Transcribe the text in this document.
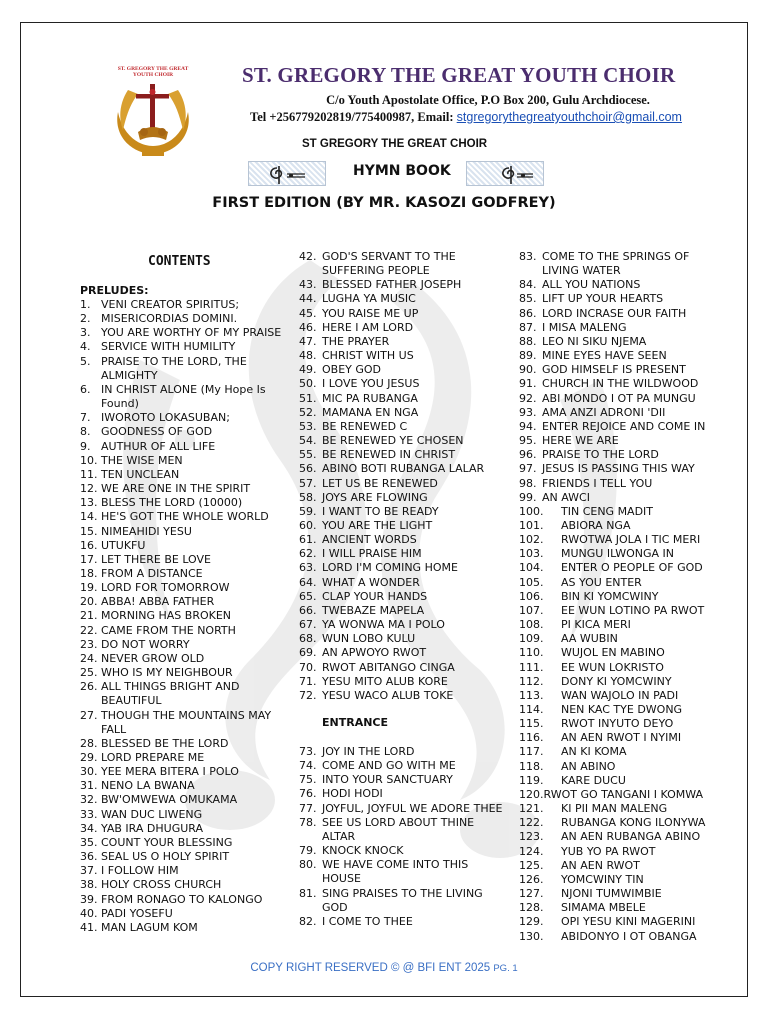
ST. GREGORY THE GREAT
YOUTH CHOIR	ST. GREGORY THE GREAT YOUTH CHOIR
C/o Youth Apostolate Office, P.O Box 200, Gulu Archdiocese.
Tel +256779202819/775400987, Email: stgregorythegreatyouthchoir@gmail.com
ST GREGORY THE GREAT CHOIR
HYMN BOOK
FIRST EDITION (BY MR. KASOZI GODFREY)
CONTENTS
PRELUDES:
1. VENI CREATOR SPIRITUS;
2. MISERICORDIAS DOMINI.
3. YOU ARE WORTHY OF MY PRAISE
4. SERVICE WITH HUMILITY
5. PRAISE TO THE LORD, THE ALMIGHTY
6. IN CHRIST ALONE (My Hope Is Found)
7. IWOROTO LOKASUBAN;
8. GOODNESS OF GOD
9. AUTHUR OF ALL LIFE
10. THE WISE MEN
11. TEN UNCLEAN
12. WE ARE ONE IN THE SPIRIT
13. BLESS THE LORD (10000)
14. HE'S GOT THE WHOLE WORLD
15. NIMEAHIDI YESU
16. UTUKFU
17. LET THERE BE LOVE
18. FROM A DISTANCE
19. LORD FOR TOMORROW
20. ABBA! ABBA FATHER
21. MORNING HAS BROKEN
22. CAME FROM THE NORTH
23. DO NOT WORRY
24. NEVER GROW OLD
25. WHO IS MY NEIGHBOUR
26. ALL THINGS BRIGHT AND BEAUTIFUL
27. THOUGH THE MOUNTAINS MAY FALL
28. BLESSED BE THE LORD
29. LORD PREPARE ME
30. YEE MERA BITERA I POLO
31. NENO LA BWANA
32. BW'OMWEWA OMUKAMA
33. WAN DUC LIWENG
34. YAB IRA DHUGURA
35. COUNT YOUR BLESSING
36. SEAL US O HOLY SPIRIT
37. I FOLLOW HIM
38. HOLY CROSS CHURCH
39. FROM RONAGO TO KALONGO
40. PADI YOSEFU
41. MAN LAGUM KOM
42. GOD'S SERVANT TO THE SUFFERING PEOPLE
43. BLESSED FATHER JOSEPH
44. LUGHA YA MUSIC
45. YOU RAISE ME UP
46. HERE I AM LORD
47. THE PRAYER
48. CHRIST WITH US
49. OBEY GOD
50. I LOVE YOU JESUS
51. MIC PA RUBANGA
52. MAMANA EN NGA
53. BE RENEWED C
54. BE RENEWED YE CHOSEN
55. BE RENEWED IN CHRIST
56. ABINO BOTI RUBANGA LALAR
57. LET US BE RENEWED
58. JOYS ARE FLOWING
59. I WANT TO BE READY
60. YOU ARE THE LIGHT
61. ANCIENT WORDS
62. I WILL PRAISE HIM
63. LORD I'M COMING HOME
64. WHAT A WONDER
65. CLAP YOUR HANDS
66. TWEBAZE MAPELA
67. YA WONWA MA I POLO
68. WUN LOBO KULU
69. AN APWOYO RWOT
70. RWOT ABITANGO CINGA
71. YESU MITO ALUB KORE
72. YESU WACO ALUB TOKE
ENTRANCE
73. JOY IN THE LORD
74. COME AND GO WITH ME
75. INTO YOUR SANCTUARY
76. HODI HODI
77. JOYFUL, JOYFUL WE ADORE THEE
78. SEE US LORD ABOUT THINE ALTAR
79. KNOCK KNOCK
80. WE HAVE COME INTO THIS HOUSE
81. SING PRAISES TO THE LIVING GOD
82. I COME TO THEE
83. COME TO THE SPRINGS OF LIVING WATER
84. ALL YOU NATIONS
85. LIFT UP YOUR HEARTS
86. LORD INCRASE OUR FAITH
87. I MISA MALENG
88. LEO NI SIKU NJEMA
89. MINE EYES HAVE SEEN
90. GOD HIMSELF IS PRESENT
91. CHURCH IN THE WILDWOOD
92. ABI MONDO I OT PA MUNGU
93. AMA ANZI ADRONI 'DII
94. ENTER REJOICE AND COME IN
95. HERE WE ARE
96. PRAISE TO THE LORD
97. JESUS IS PASSING THIS WAY
98. FRIENDS I TELL YOU
99. AN AWCI
100.	TIN CENG MADIT
101.	ABIORA NGA
102.	RWOTWA JOLA I TIC MERI
103.	MUNGU ILWONGA IN
104.	ENTER O PEOPLE OF GOD
105.	AS YOU ENTER
106.	BIN KI YOMCWINY
107.	EE WUN LOTINO PA RWOT
108.	PI KICA MERI
109.	AA WUBIN
110.	WUJOL EN MABINO
111.	EE WUN LOKRISTO
112.	DONY KI YOMCWINY
113.	WAN WAJOLO IN PADI
114.	NEN KAC TYE DWONG
115.	RWOT INYUTO DEYO
116.	AN AEN RWOT I NYIMI
117.	AN KI KOMA
118.	AN ABINO
119.	KARE DUCU
120.RWOT GO TANGANI I KOMWA
121.	KI PII MAN MALENG
122.	RUBANGA KONG ILONYWA
123.	AN AEN RUBANGA ABINO
124.	YUB YO PA RWOT
125.	AN AEN RWOT
126.	YOMCWINY TIN
127.	NJONI TUMWIMBIE
128.	SIMAMA MBELE
129.	OPI YESU KINI MAGERINI
130.	ABIDONYO I OT OBANGA
COPY RIGHT RESERVED © @ BFI ENT 2025 PG. 1
